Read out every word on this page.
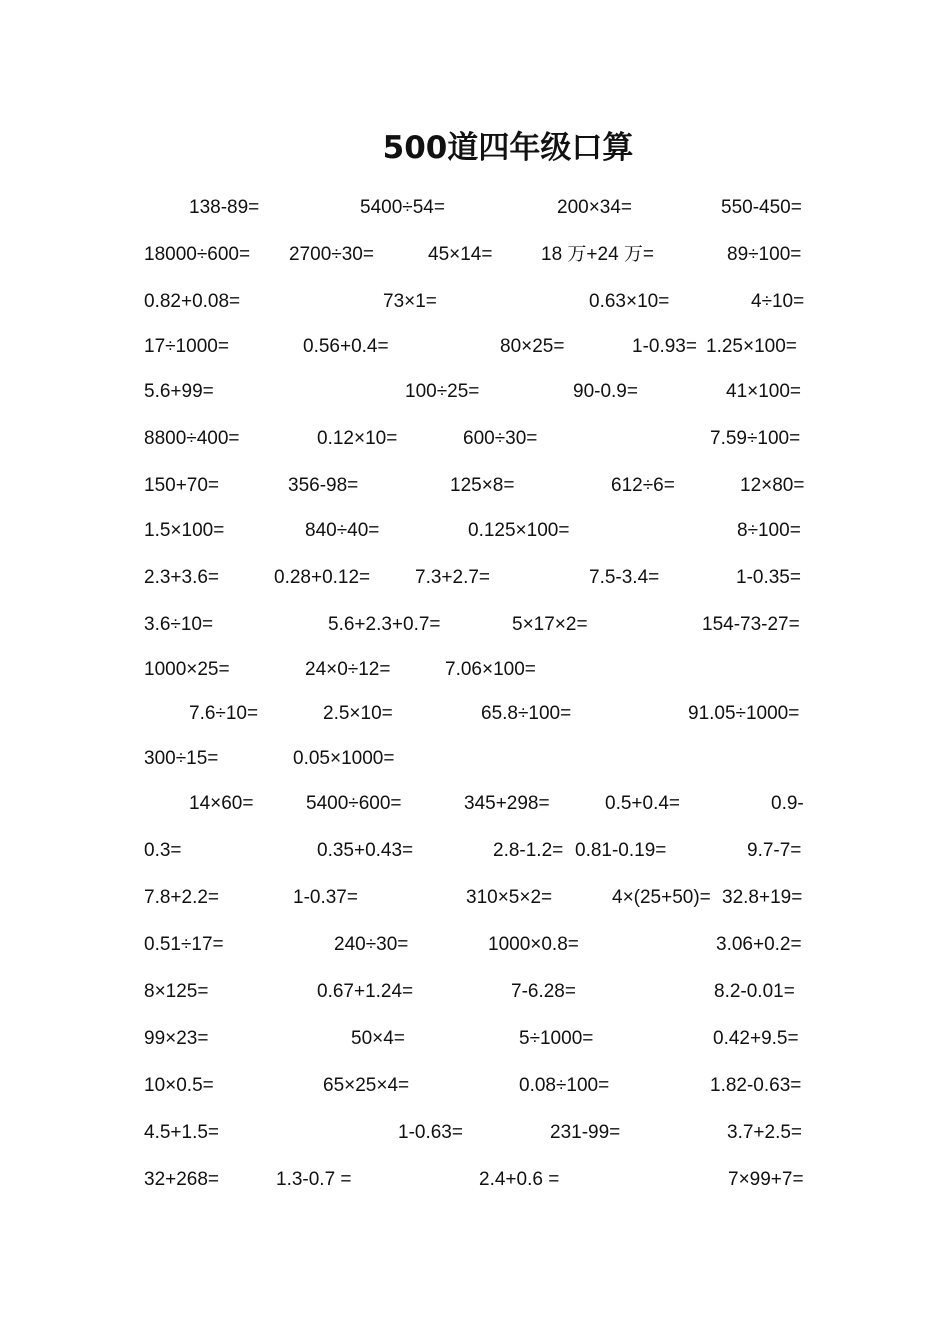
500道四年级口算
138-89=	5400÷54=	200×34=	550-450=
18000÷600= 2700÷30=	45×14=	18 万+24 万=	89÷100=
0.82+0.08=	73×1=	0.63×10=	4÷10=
17÷1000=	0.56+0.4=	80×25=	1-0.93= 1.25×100=
5.6+99=	100÷25=	90-0.9=	41×100=
8800÷400=	0.12×10=	600÷30=	7.59÷100=
150+70=	356-98=	125×8=	612÷6=	12×80=
1.5×100=	840÷40=	0.125×100=	8÷100=
2.3+3.6=	0.28+0.12= 7.3+2.7=	7.5-3.4=	1-0.35=
3.6÷10=	5.6+2.3+0.7=	5×17×2=	154-73-27=
1000×25=	24×0÷12=	7.06×100=
7.6÷10=	2.5×10=	65.8÷100=	91.05÷1000=
300÷15=	0.05×1000=
14×60=	5400÷600=	345+298=	0.5+0.4=	0.9-
0.3=	0.35+0.43=	2.8-1.2= 0.81-0.19=	9.7-7=
7.8+2.2=	1-0.37=	310×5×2=	4×(25+50)= 32.8+19=
0.51÷17=	240÷30=	1000×0.8=	3.06+0.2=
8×125=	0.67+1.24=	7-6.28=	8.2-0.01=
99×23=	50×4=	5÷1000=	0.42+9.5=
10×0.5=	65×25×4=	0.08÷100=	1.82-0.63=
4.5+1.5=	1-0.63=	231-99=	3.7+2.5=
32+268=	1.3-0.7 =	2.4+0.6 =	7×99+7=
